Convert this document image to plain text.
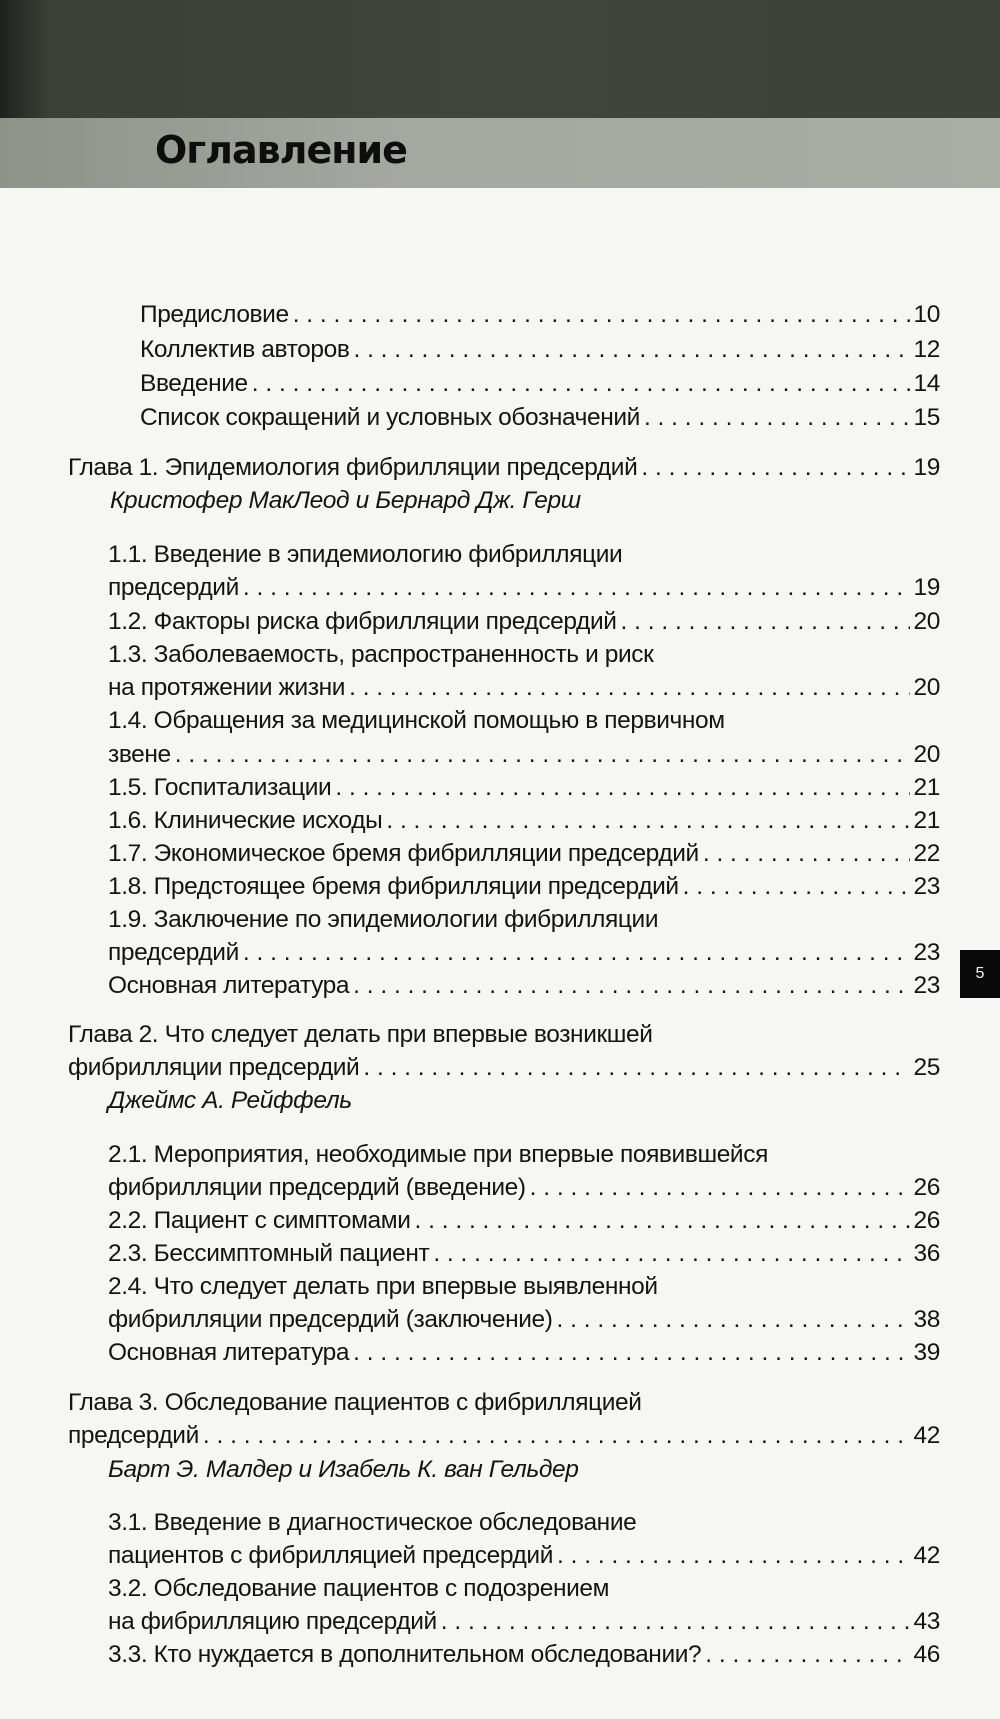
Оглавление
Предисловие . . .	10
Коллектив авторов . . .	12
Введение . . .	14
Список сокращений и условных обозначений . . .	15
Глава 1. Эпидемиология фибрилляции предсердий . . .	19
Кристофер МакЛеод и Бернард Дж. Герш
1.1. Введение в эпидемиологию фибрилляции
предсердий . . .	19
1.2. Факторы риска фибрилляции предсердий . . .	20
1.3. Заболеваемость, распространенность и риск
на протяжении жизни . . .	20
1.4. Обращения за медицинской помощью в первичном
звене . . .	20
1.5. Госпитализации . . .	21
1.6. Клинические исходы . . .	21
1.7. Экономическое бремя фибрилляции предсердий . . .	22
1.8. Предстоящее бремя фибрилляции предсердий . . .	23
1.9. Заключение по эпидемиологии фибрилляции
предсердий . . .	23
Основная литература . . .	23
Глава 2. Что следует делать при впервые возникшей
фибрилляции предсердий . . .	25
Джеймс А. Рейффель
2.1. Мероприятия, необходимые при впервые появившейся
фибрилляции предсердий (введение) . . .	26
2.2. Пациент с симптомами . . .	26
2.3. Бессимптомный пациент . . .	36
2.4. Что следует делать при впервые выявленной
фибрилляции предсердий (заключение) . . .	38
Основная литература . . .	39
Глава 3. Обследование пациентов с фибрилляцией
предсердий . . .	42
Барт Э. Малдер и Изабель К. ван Гельдер
3.1. Введение в диагностическое обследование
пациентов с фибрилляцией предсердий . . .	42
3.2. Обследование пациентов с подозрением
на фибрилляцию предсердий . . .	43
3.3. Кто нуждается в дополнительном обследовании? . . .	46
5
